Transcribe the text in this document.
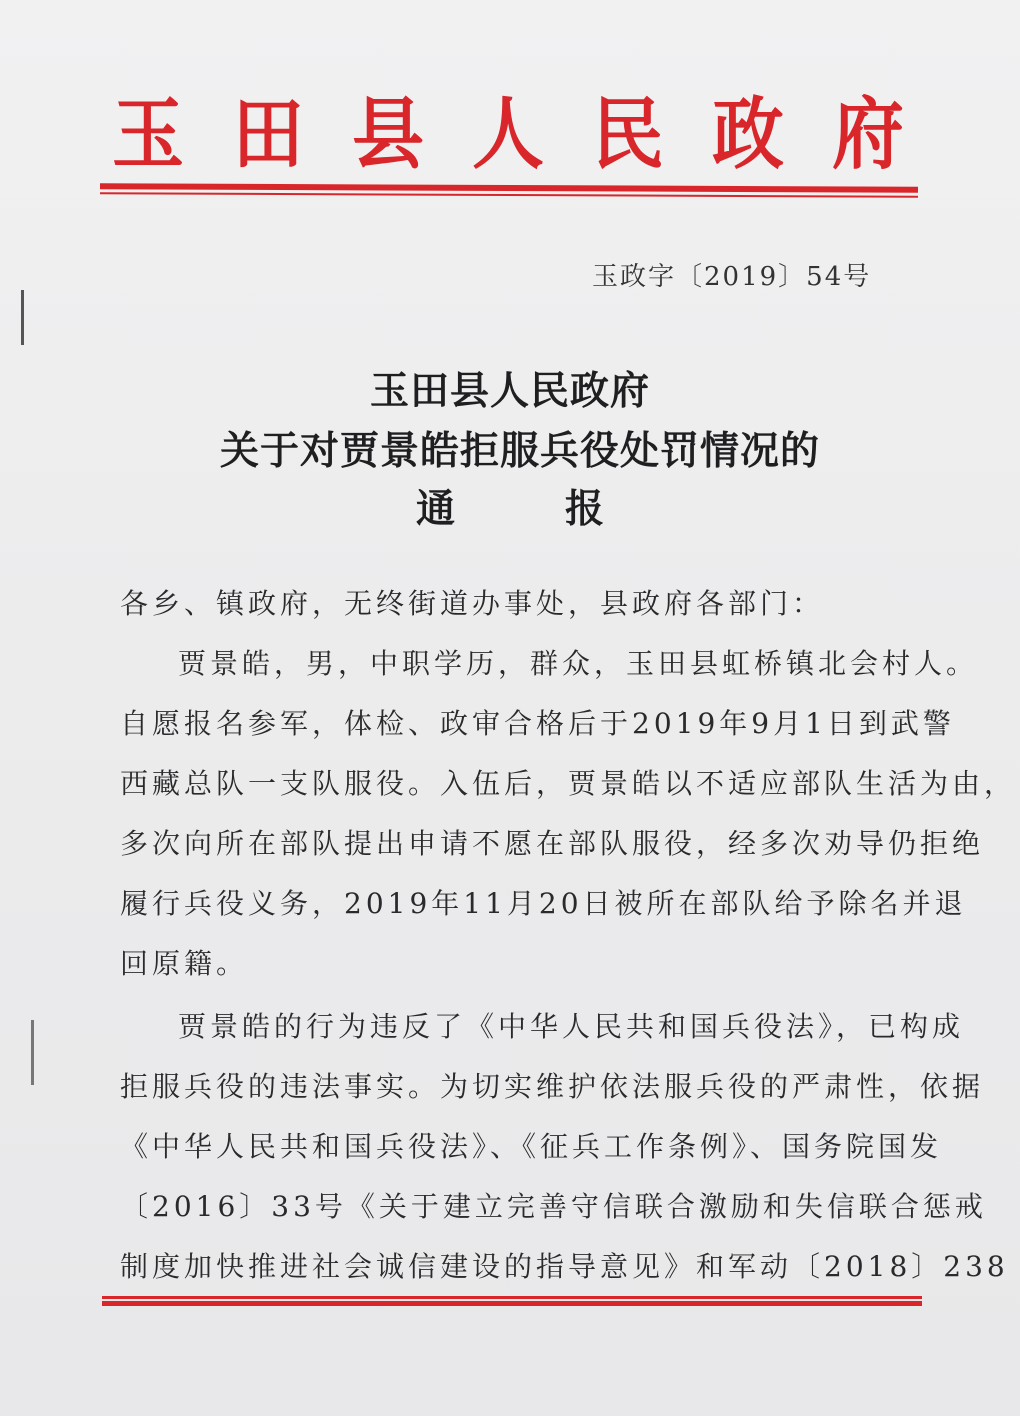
玉 田 县 人 民 政 府
玉政字〔2019〕54号
玉田县人民政府
关于对贾景皓拒服兵役处罚情况的
通	报
各乡、镇政府，无终街道办事处，县政府各部门：
贾景皓，男，中职学历，群众，玉田县虹桥镇北会村人。
自愿报名参军，体检、政审合格后于2019年9月1日到武警
西藏总队一支队服役。入伍后，贾景皓以不适应部队生活为由，
多次向所在部队提出申请不愿在部队服役，经多次劝导仍拒绝
履行兵役义务，2019年11月20日被所在部队给予除名并退
回原籍。
贾景皓的行为违反了《中华人民共和国兵役法》，已构成
拒服兵役的违法事实。为切实维护依法服兵役的严肃性，依据
《中华人民共和国兵役法》、《征兵工作条例》、国务院国发
〔2016〕33号《关于建立完善守信联合激励和失信联合惩戒
制度加快推进社会诚信建设的指导意见》和军动〔2018〕238
